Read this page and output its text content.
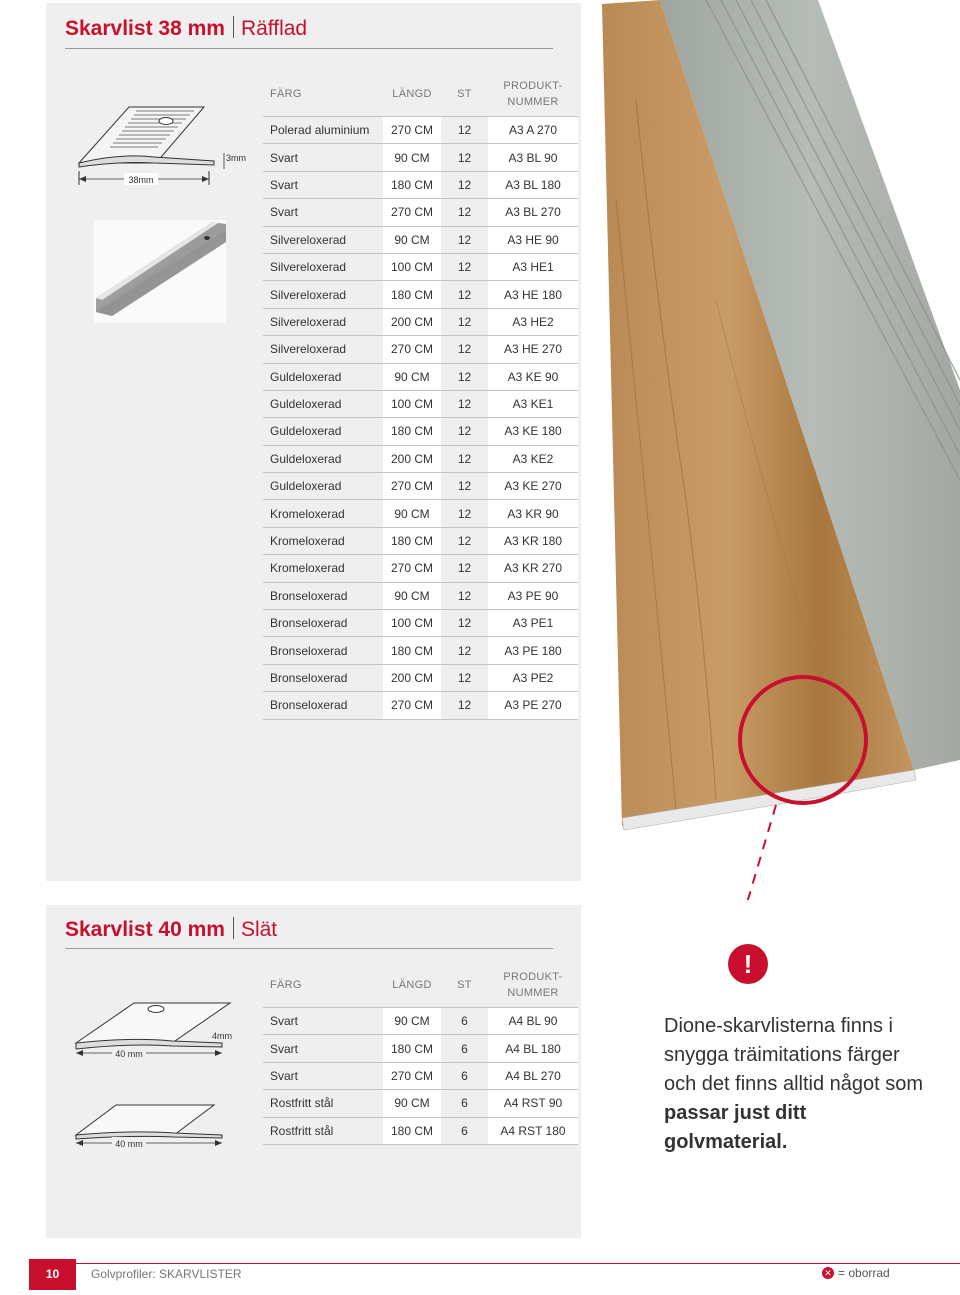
Skarvlist 38 mm Räfflad
38mm
3mm
FÄRG	LÄNGD	ST	PRODUKT-
NUMMER
Polerad aluminium	270 CM	12	A3 A 270
Svart	90 CM	12	A3 BL 90
Svart	180 CM	12	A3 BL 180
Svart	270 CM	12	A3 BL 270
Silvereloxerad	90 CM	12	A3 HE 90
Silvereloxerad	100 CM	12	A3 HE1
Silvereloxerad	180 CM	12	A3 HE 180
Silvereloxerad	200 CM	12	A3 HE2
Silvereloxerad	270 CM	12	A3 HE 270
Guldeloxerad	90 CM	12	A3 KE 90
Guldeloxerad	100 CM	12	A3 KE1
Guldeloxerad	180 CM	12	A3 KE 180
Guldeloxerad	200 CM	12	A3 KE2
Guldeloxerad	270 CM	12	A3 KE 270
Kromeloxerad	90 CM	12	A3 KR 90
Kromeloxerad	180 CM	12	A3 KR 180
Kromeloxerad	270 CM	12	A3 KR 270
Bronseloxerad	90 CM	12	A3 PE 90
Bronseloxerad	100 CM	12	A3 PE1
Bronseloxerad	180 CM	12	A3 PE 180
Bronseloxerad	200 CM	12	A3 PE2
Bronseloxerad	270 CM	12	A3 PE 270
Skarvlist 40 mm Slät
40 mm
4mm
40 mm
FÄRG	LÄNGD	ST	PRODUKT-
NUMMER
Svart	90 CM	6	A4 BL 90
Svart	180 CM	6	A4 BL 180
Svart	270 CM	6	A4 BL 270
Rostfritt stål	90 CM	6	A4 RST 90
Rostfritt stål	180 CM	6	A4 RST 180
!
Dione-skarvlisterna finns i snygga träimitations färger och det finns alltid något som passar just ditt golvmaterial.
10	Golvprofiler: SKARVLISTER	✕ = oborrad
